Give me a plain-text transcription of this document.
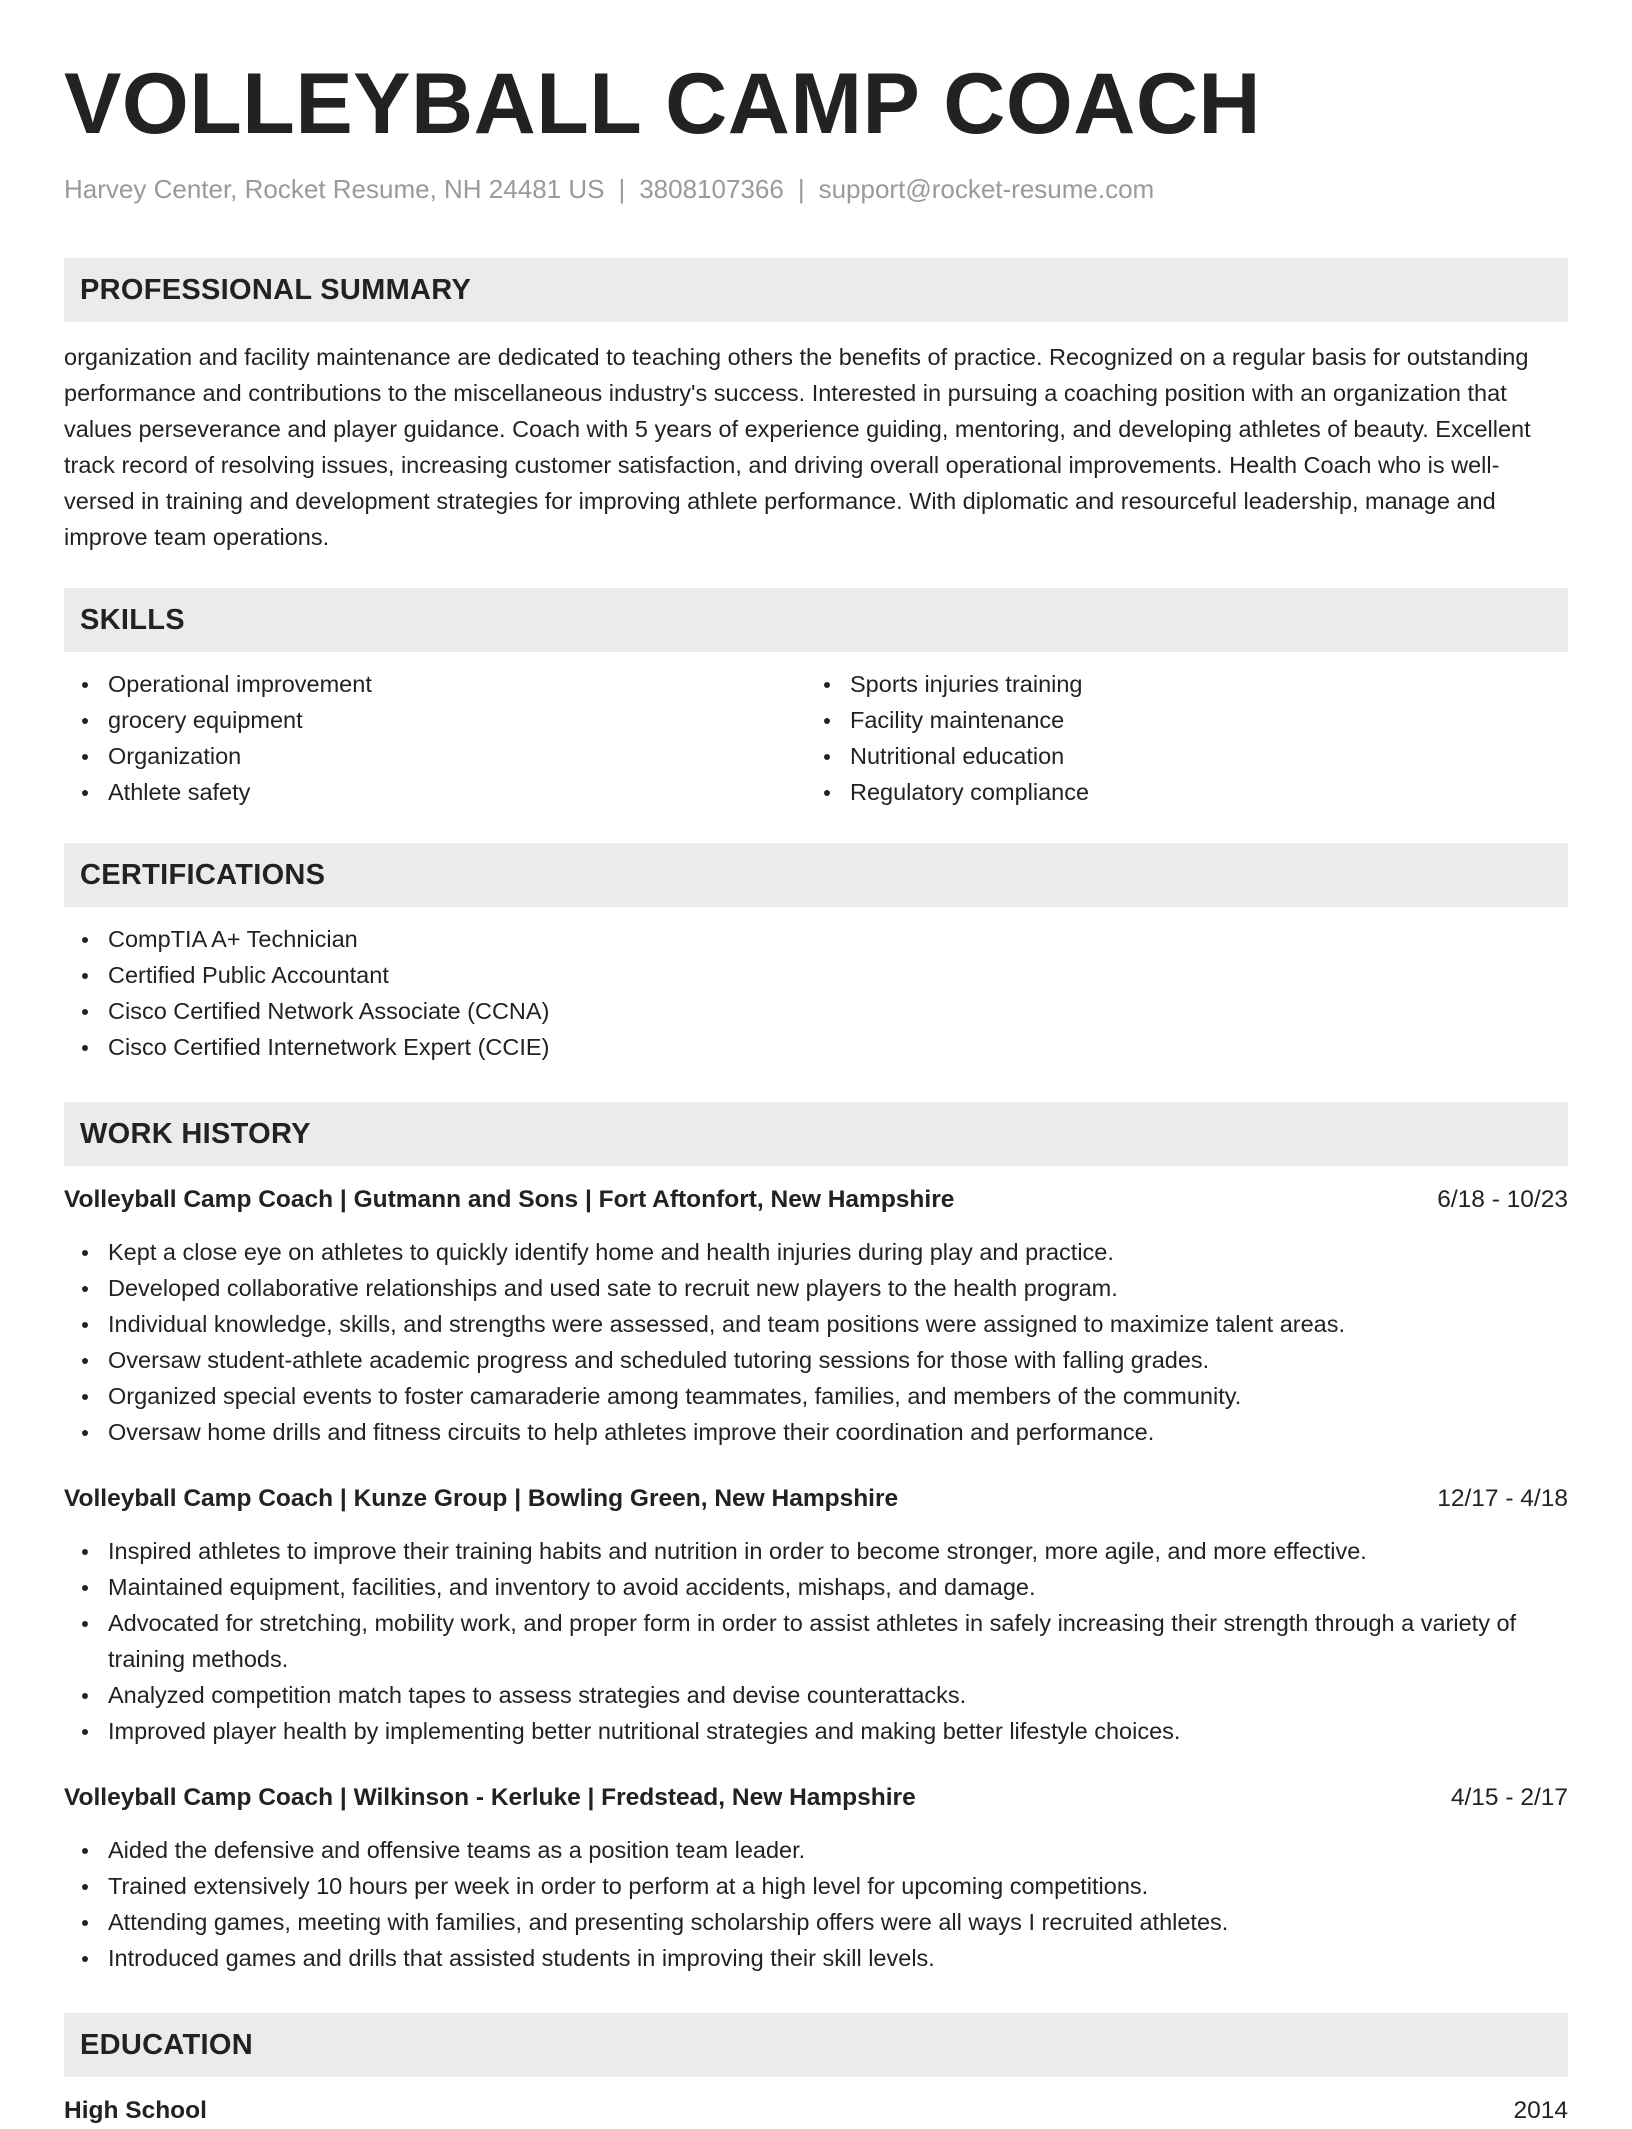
VOLLEYBALL CAMP COACH
Harvey Center, Rocket Resume, NH 24481 US | 3808107366 | support@rocket-resume.com
PROFESSIONAL SUMMARY

organization and facility maintenance are dedicated to teaching others the benefits of practice. Recognized on a regular basis for outstanding performance and contributions to the miscellaneous industry's success. Interested in pursuing a coaching position with an organization that values perseverance and player guidance. Coach with 5 years of experience guiding, mentoring, and developing athletes of beauty. Excellent track record of resolving issues, increasing customer satisfaction, and driving overall operational improvements. Health Coach who is well-versed in training and development strategies for improving athlete performance. With diplomatic and resourceful leadership, manage and improve team operations.

SKILLS
Operational improvement
grocery equipment
Organization
Athlete safety
Sports injuries training
Facility maintenance
Nutritional education
Regulatory compliance
CERTIFICATIONS
CompTIA A+ Technician
Certified Public Accountant
Cisco Certified Network Associate (CCNA)
Cisco Certified Internetwork Expert (CCIE)
WORK HISTORY
Volleyball Camp Coach | Gutmann and Sons | Fort Aftonfort, New Hampshire	6/18 - 10/23
Kept a close eye on athletes to quickly identify home and health injuries during play and practice.
Developed collaborative relationships and used sate to recruit new players to the health program.
Individual knowledge, skills, and strengths were assessed, and team positions were assigned to maximize talent areas.
Oversaw student-athlete academic progress and scheduled tutoring sessions for those with falling grades.
Organized special events to foster camaraderie among teammates, families, and members of the community.
Oversaw home drills and fitness circuits to help athletes improve their coordination and performance.
Volleyball Camp Coach | Kunze Group | Bowling Green, New Hampshire	12/17 - 4/18
Inspired athletes to improve their training habits and nutrition in order to become stronger, more agile, and more effective.
Maintained equipment, facilities, and inventory to avoid accidents, mishaps, and damage.
Advocated for stretching, mobility work, and proper form in order to assist athletes in safely increasing their strength through a variety of training methods.
Analyzed competition match tapes to assess strategies and devise counterattacks.
Improved player health by implementing better nutritional strategies and making better lifestyle choices.
Volleyball Camp Coach | Wilkinson - Kerluke | Fredstead, New Hampshire	4/15 - 2/17
Aided the defensive and offensive teams as a position team leader.
Trained extensively 10 hours per week in order to perform at a high level for upcoming competitions.
Attending games, meeting with families, and presenting scholarship offers were all ways I recruited athletes.
Introduced games and drills that assisted students in improving their skill levels.
EDUCATION
High School	2014
